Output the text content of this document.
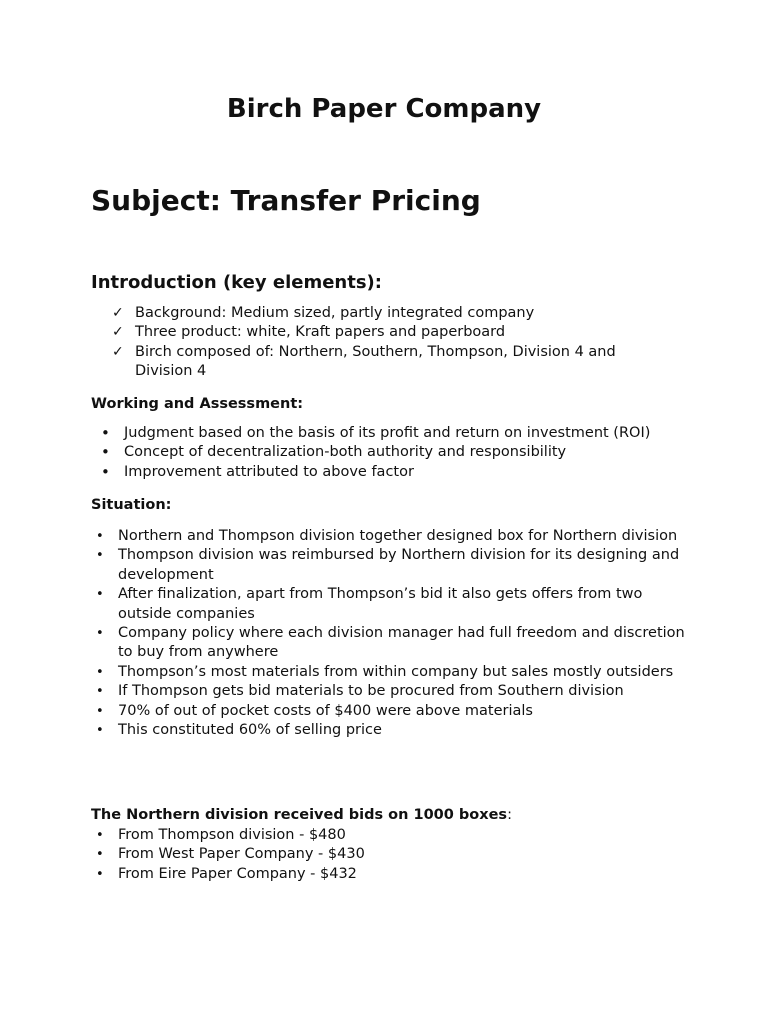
Birch Paper Company
Subject: Transfer Pricing
Introduction (key elements):
✓ Background: Medium sized, partly integrated company
✓ Three product: white, Kraft papers and paperboard
✓ Birch composed of: Northern, Southern, Thompson, Division 4 and Division 4
Working and Assessment:
• Judgment based on the basis of its profit and return on investment (ROI)
• Concept of decentralization-both authority and responsibility
• Improvement attributed to above factor
Situation:
• Northern and Thompson division together designed box for Northern division
• Thompson division was reimbursed by Northern division for its designing and development
• After finalization, apart from Thompson’s bid it also gets offers from two outside companies
• Company policy where each division manager had full freedom and discretion to buy from anywhere
• Thompson’s most materials from within company but sales mostly outsiders
• If Thompson gets bid materials to be procured from Southern division
• 70% of out of pocket costs of $400 were above materials
• This constituted 60% of selling price
The Northern division received bids on 1000 boxes:
• From Thompson division - $480
• From West Paper Company - $430
• From Eire Paper Company - $432
